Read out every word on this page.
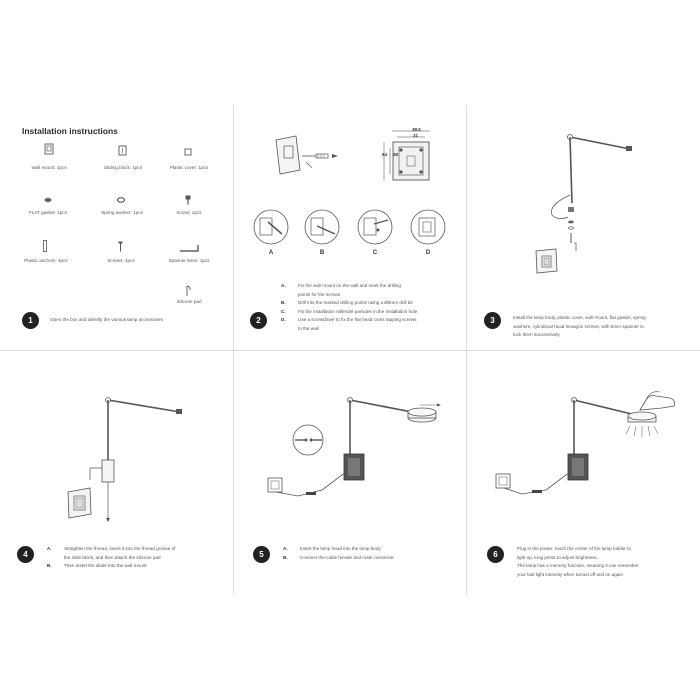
Installation instructions
Wall mount: 1pcs	Sliding block: 1pcs	Plastic cover: 1pcs
FLAT gasket: 1pcs	Spring washer: 1pcs	Screw: 1pcs
Plastic anchors: 4pcs	Screws: 4pcs	Spanner 5mm: 1pcs
Silicone pad
1	Open the box and identify the various lamp accessories
38.5
31
64 48
A	B	C	D
2
A.	Fix the wall mount on the wall and mark the drilling
points for the screws
B.	Drill into the marked drilling points using a Ø6mm drill bit
C.	Fix the installation rolllerdel particles in the installation hole
D.	Use a screwdriver to fix the flat head cross tapping screws
to the wall
3	Install the lamp body, plastic cover, wall mount, flat gasket, spring
washers, cylindrical head hexagon screws, with 5mm spanner to
lock them successively
4
A.	Straighten the thread, insert it into the thread groove of
the slide block, and then attach the silicone pad
B.	Then insert the slider into the wall mount
5
A.	Insert the lamp head into the lamp body
B.	Connect the cable female and male connector	6
Plug in the power, touch the center of the lamp holder to
light up, long press to adjust brightness.
The lamp has a memory function, meaning it can remember
your last light intensity when turned off and on again
